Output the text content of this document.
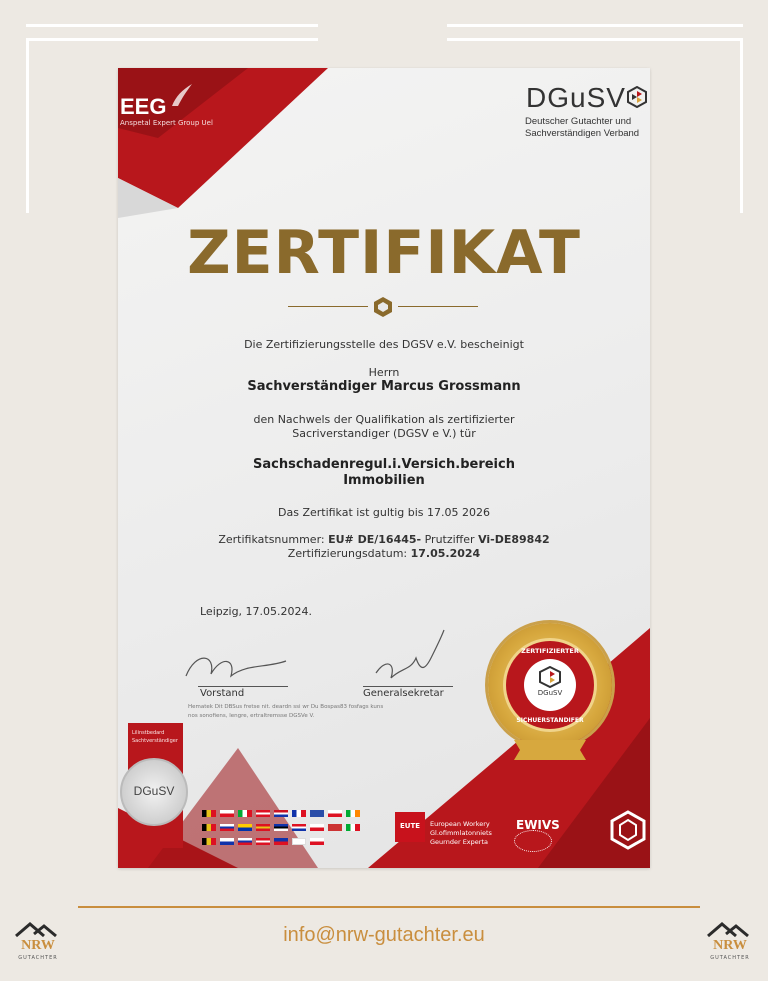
EEG
Anspetal Expert Group Uel
DGuSV
Deutscher Gutachter und
Sachverständigen Verband
ZERTIFIKAT
Die Zertifizierungsstelle des DGSV e.V. bescheinigt
Herrn
Sachverständiger Marcus Grossmann
den Nachwels der Qualifikation als zertifizierter
Sacriverstandiger (DGSV e V.) tür
Sachschadenregul.i.Versich.bereich
Immobilien
Das Zertifikat ist gultig bis 17.05 2026
Zertifikatsnummer: EU# DE/16445- Prutziffer Vi-DE89842
Zertifizierungsdatum: 17.05.2024
Leipzig, 17.05.2024.
Vorstand	Generalsekretar
Hematek Dit DBSus fretse nit. deardn ssi wr Du Bospas83 fosfags kuns
nos sonofiens, lengre, ertraltremsse DGSVe V.
Lilinstbedard
Sachtverständiger
DGuSV
ZERTIFIZIERTER
DGuSV
SICHUERSTANDIFER
EUTE	European Workery
Gl.ofimmlatonniets
Geurnder Experta
EWIVS
NRW
GUTACHTER
info@nrw-gutachter.eu	NRW
GUTACHTER
